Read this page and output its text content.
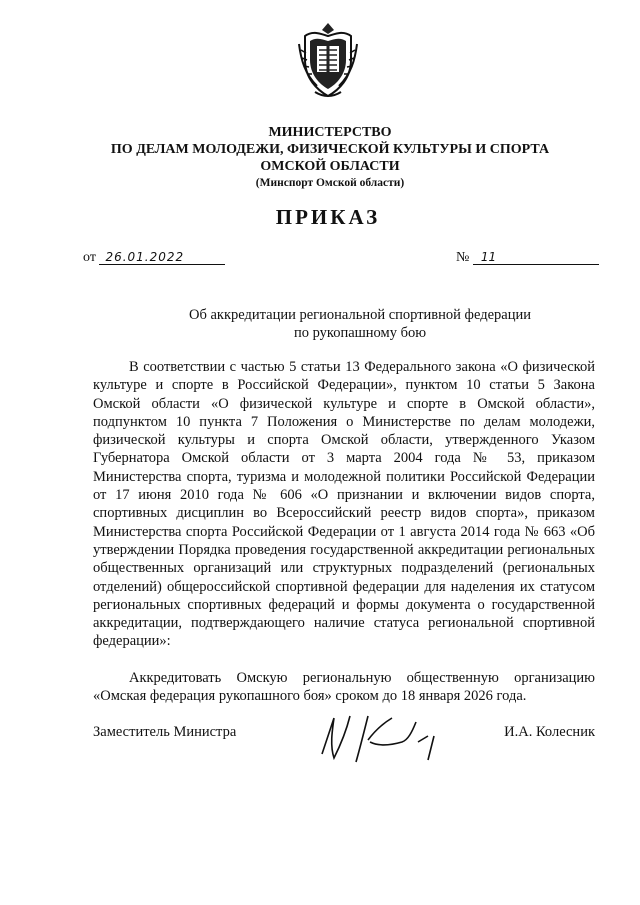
МИНИСТЕРСТВО
ПО ДЕЛАМ МОЛОДЕЖИ, ФИЗИЧЕСКОЙ КУЛЬТУРЫ И СПОРТА
ОМСКОЙ ОБЛАСТИ
(Минспорт Омской области)
ПРИКАЗ
от 26.01.2022	№ 11
Об аккредитации региональной спортивной федерации
по рукопашному бою

В соответствии с частью 5 статьи 13 Федерального закона «О физической культуре и спорте в Российской Федерации», пунктом 10 статьи 5 Закона Омской области «О физической культуре и спорте в Омской области», подпунктом 10 пункта 7 Положения о Министерстве по делам молодежи, физической культуры и спорта Омской области, утвержденного Указом Губернатора Омской области от 3 марта 2004 года № 53, приказом Министерства спорта, туризма и молодежной политики Российской Федерации от 17 июня 2010 года № 606 «О признании и включении видов спорта, спортивных дисциплин во Всероссийский реестр видов спорта», приказом Министерства спорта Российской Федерации от 1 августа 2014 года № 663 «Об утверждении Порядка проведения государственной аккредитации региональных общественных организаций или структурных подразделений (региональных отделений) общероссийской спортивной федерации для наделения их статусом региональных спортивных федераций и формы документа о государственной аккредитации, подтверждающего наличие статуса региональной спортивной федерации»:

Аккредитовать Омскую региональную общественную организацию «Омская федерация рукопашного боя» сроком до 18 января 2026 года.

Заместитель Министра	И.А. Колесник
